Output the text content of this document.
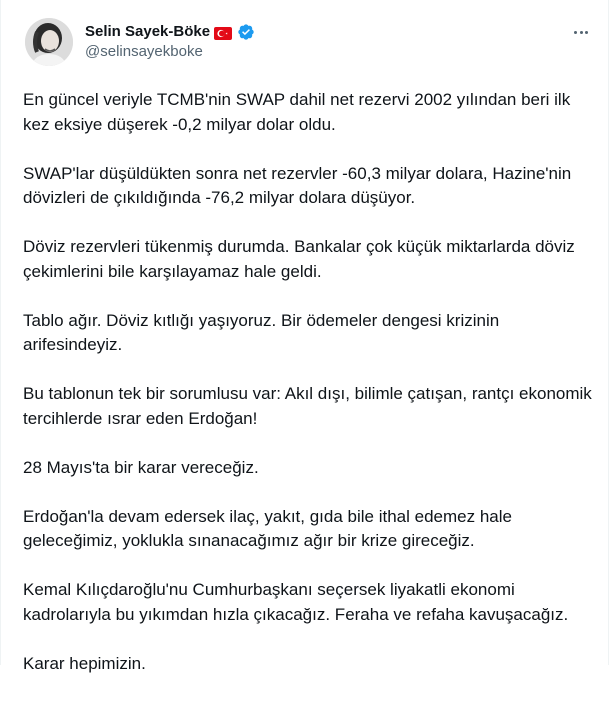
Selin Sayek-Böke
@selinsayekboke

En güncel veriyle TCMB'nin SWAP dahil net rezervi 2002 yılından beri ilk kez eksiye düşerek -0,2 milyar dolar oldu.

SWAP'lar düşüldükten sonra net rezervler -60,3 milyar dolara, Hazine'nin dövizleri de çıkıldığında -76,2 milyar dolara düşüyor.

Döviz rezervleri tükenmiş durumda. Bankalar çok küçük miktarlarda döviz çekimlerini bile karşılayamaz hale geldi.

Tablo ağır. Döviz kıtlığı yaşıyoruz. Bir ödemeler dengesi krizinin arifesindeyiz.

Bu tablonun tek bir sorumlusu var: Akıl dışı, bilimle çatışan, rantçı ekonomik tercihlerde ısrar eden Erdoğan!

28 Mayıs'ta bir karar vereceğiz.

Erdoğan'la devam edersek ilaç, yakıt, gıda bile ithal edemez hale geleceğimiz, yoklukla sınanacağımız ağır bir krize gireceğiz.

Kemal Kılıçdaroğlu'nu Cumhurbaşkanı seçersek liyakatli ekonomi kadrolarıyla bu yıkımdan hızla çıkacağız. Feraha ve refaha kavuşacağız.

Karar hepimizin.
